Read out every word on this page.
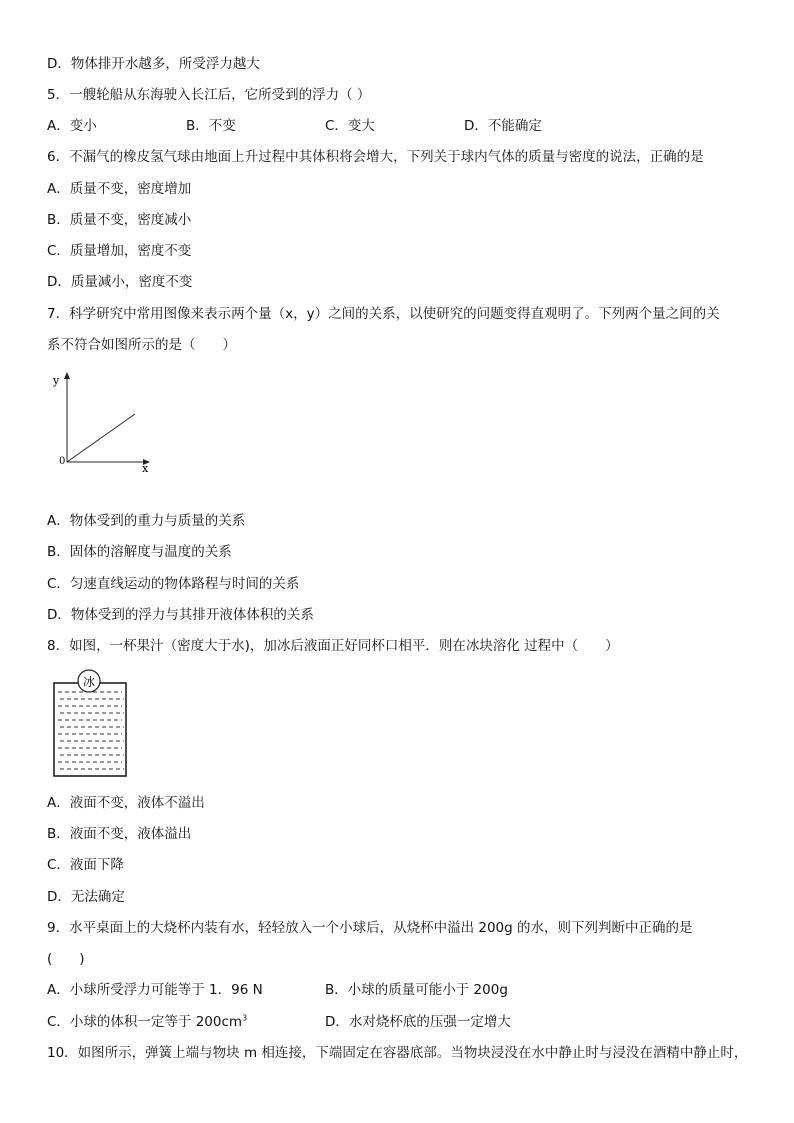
D．物体排开水越多，所受浮力越大
5．一艘轮船从东海驶入长江后，它所受到的浮力（ ）
A．变小	B．不变	C．变大	D．不能确定
6．不漏气的橡皮氢气球由地面上升过程中其体积将会增大，下列关于球内气体的质量与密度的说法，正确的是
A．质量不变，密度增加
B．质量不变，密度减小
C．质量增加，密度不变
D．质量减小，密度不变
7．科学研究中常用图像来表示两个量（x，y）之间的关系，以使研究的问题变得直观明了。下列两个量之间的关
系不符合如图所示的是（　　）
y
0
x
A．物体受到的重力与质量的关系
B．固体的溶解度与温度的关系
C．匀速直线运动的物体路程与时间的关系
D．物体受到的浮力与其排开液体体积的关系
8．如图，一杯果汁（密度大于水)，加冰后液面正好同杯口相平．则在冰块溶化 过程中（　　）
冰
A．液面不变，液体不溢出
B．液面不变，液体溢出
C．液面下降
D．无法确定
9．水平桌面上的大烧杯内装有水，轻轻放入一个小球后，从烧杯中溢出 200g 的水，则下列判断中正确的是
(　　)
A．小球所受浮力可能等于 1．96 N	B．小球的质量可能小于 200g
C．小球的体积一定等于 $200cm^3$	D．水对烧杯底的压强一定增大
10．如图所示，弹簧上端与物块 m 相连接，下端固定在容器底部。当物块浸没在水中静止时与浸没在酒精中静止时，
